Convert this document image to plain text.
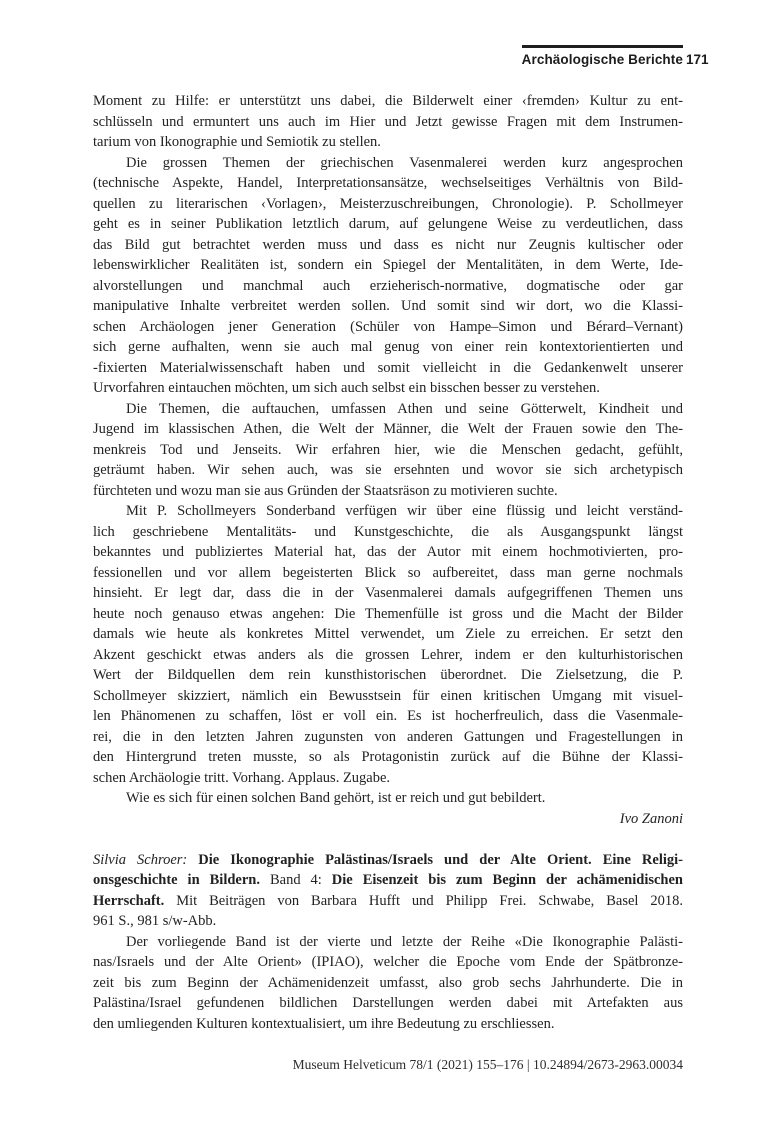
Archäologische Berichte 171
Moment zu Hilfe: er unterstützt uns dabei, die Bilderwelt einer ‹fremden› Kultur zu ent-
schlüsseln und ermuntert uns auch im Hier und Jetzt gewisse Fragen mit dem Instrumen-
tarium von Ikonographie und Semiotik zu stellen.
Die grossen Themen der griechischen Vasenmalerei werden kurz angesprochen
(technische Aspekte, Handel, Interpretationsansätze, wechselseitiges Verhältnis von Bild-
quellen zu literarischen ‹Vorlagen›, Meisterzuschreibungen, Chronologie). P. Schollmeyer
geht es in seiner Publikation letztlich darum, auf gelungene Weise zu verdeutlichen, dass
das Bild gut betrachtet werden muss und dass es nicht nur Zeugnis kultischer oder
lebenswirklicher Realitäten ist, sondern ein Spiegel der Mentalitäten, in dem Werte, Ide-
alvorstellungen und manchmal auch erzieherisch-normative, dogmatische oder gar
manipulative Inhalte verbreitet werden sollen. Und somit sind wir dort, wo die Klassi-
schen Archäologen jener Generation (Schüler von Hampe–Simon und Bérard–Vernant)
sich gerne aufhalten, wenn sie auch mal genug von einer rein kontextorientierten und
-fixierten Materialwissenschaft haben und somit vielleicht in die Gedankenwelt unserer
Urvorfahren eintauchen möchten, um sich auch selbst ein bisschen besser zu verstehen.
Die Themen, die auftauchen, umfassen Athen und seine Götterwelt, Kindheit und
Jugend im klassischen Athen, die Welt der Männer, die Welt der Frauen sowie den The-
menkreis Tod und Jenseits. Wir erfahren hier, wie die Menschen gedacht, gefühlt,
geträumt haben. Wir sehen auch, was sie ersehnten und wovor sie sich archetypisch
fürchteten und wozu man sie aus Gründen der Staatsräson zu motivieren suchte.
Mit P. Schollmeyers Sonderband verfügen wir über eine flüssig und leicht verständ-
lich geschriebene Mentalitäts- und Kunstgeschichte, die als Ausgangspunkt längst
bekanntes und publiziertes Material hat, das der Autor mit einem hochmotivierten, pro-
fessionellen und vor allem begeisterten Blick so aufbereitet, dass man gerne nochmals
hinsieht. Er legt dar, dass die in der Vasenmalerei damals aufgegriffenen Themen uns
heute noch genauso etwas angehen: Die Themenfülle ist gross und die Macht der Bilder
damals wie heute als konkretes Mittel verwendet, um Ziele zu erreichen. Er setzt den
Akzent geschickt etwas anders als die grossen Lehrer, indem er den kulturhistorischen
Wert der Bildquellen dem rein kunsthistorischen überordnet. Die Zielsetzung, die P.
Schollmeyer skizziert, nämlich ein Bewusstsein für einen kritischen Umgang mit visuel-
len Phänomenen zu schaffen, löst er voll ein. Es ist hocherfreulich, dass die Vasenmale-
rei, die in den letzten Jahren zugunsten von anderen Gattungen und Fragestellungen in
den Hintergrund treten musste, so als Protagonistin zurück auf die Bühne der Klassi-
schen Archäologie tritt. Vorhang. Applaus. Zugabe.
Wie es sich für einen solchen Band gehört, ist er reich und gut bebildert.
Ivo Zanoni
Silvia Schroer: Die Ikonographie Palästinas/Israels und der Alte Orient. Eine Religi-
onsgeschichte in Bildern. Band 4: Die Eisenzeit bis zum Beginn der achämenidischen
Herrschaft. Mit Beiträgen von Barbara Hufft und Philipp Frei. Schwabe, Basel 2018.
961 S., 981 s/w-Abb.
Der vorliegende Band ist der vierte und letzte der Reihe «Die Ikonographie Palästi-
nas/Israels und der Alte Orient» (IPIAO), welcher die Epoche vom Ende der Spätbronze-
zeit bis zum Beginn der Achämenidenzeit umfasst, also grob sechs Jahrhunderte. Die in
Palästina/Israel gefundenen bildlichen Darstellungen werden dabei mit Artefakten aus
den umliegenden Kulturen kontextualisiert, um ihre Bedeutung zu erschliessen.
Museum Helveticum 78/1 (2021) 155–176 | 10.24894/2673-2963.00034
